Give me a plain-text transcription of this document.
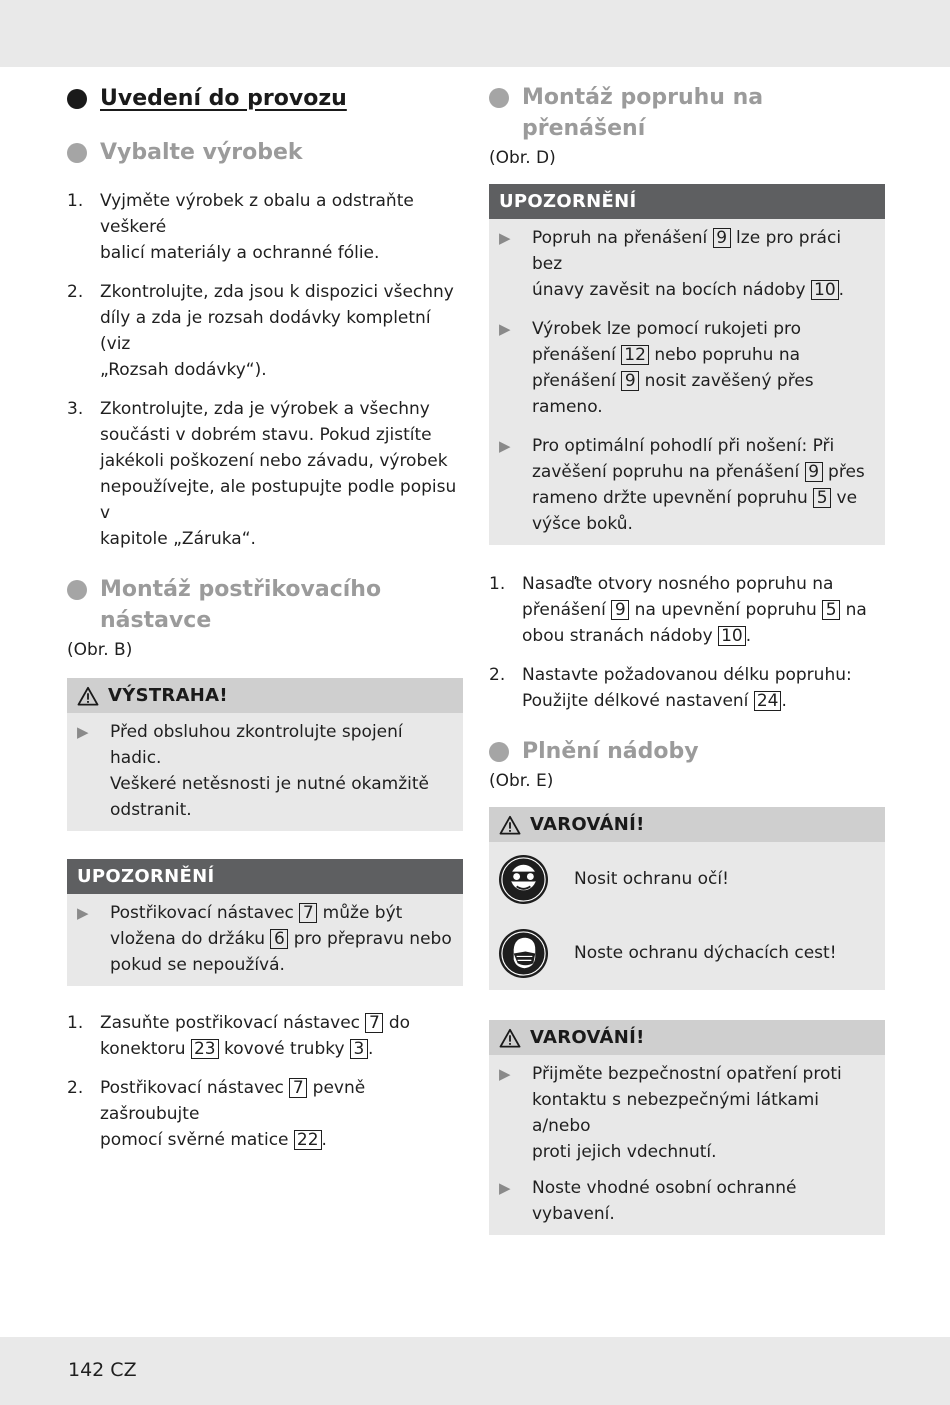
Uvedení do provozu
Vybalte výrobek
1. Vyjměte výrobek z obalu a odstraňte veškeré
balicí materiály a ochranné fólie.
2. Zkontrolujte, zda jsou k dispozici všechny
díly a zda je rozsah dodávky kompletní (viz
„Rozsah dodávky“).
3. Zkontrolujte, zda je výrobek a všechny
součásti v dobrém stavu. Pokud zjistíte
jakékoli poškození nebo závadu, výrobek
nepoužívejte, ale postupujte podle popisu v
kapitole „Záruka“.
Montáž postřikovacího
nástavce
(Obr. B)
VÝSTRAHA!
▶	Před obsluhou zkontrolujte spojení hadic.
Veškeré netěsnosti je nutné okamžitě
odstranit.
UPOZORNĚNÍ
▶	Postřikovací nástavec 7 může být
vložena do držáku 6 pro přepravu nebo
pokud se nepoužívá.
1. Zasuňte postřikovací nástavec 7 do
konektoru 23 kovové trubky 3 .
2. Postřikovací nástavec 7 pevně zašroubujte
pomocí svěrné matice 22 .
Montáž popruhu na
přenášení
(Obr. D)
UPOZORNĚNÍ
▶	Popruh na přenášení 9 lze pro práci bez
únavy zavěsit na bocích nádoby 10 .
▶	Výrobek lze pomocí rukojeti pro
přenášení 12 nebo popruhu na
přenášení 9 nosit zavěšený přes rameno.
▶	Pro optimální pohodlí při nošení: Při
zavěšení popruhu na přenášení 9 přes
rameno držte upevnění popruhu 5 ve
výšce boků.
1. Nasaďte otvory nosného popruhu na
přenášení 9 na upevnění popruhu 5 na
obou stranách nádoby 10 .
2. Nastavte požadovanou délku popruhu:
Použijte délkové nastavení 24 .
Plnění nádoby
(Obr. E)
VAROVÁNÍ!
Nosit ochranu očí!
Noste ochranu dýchacích cest!
VAROVÁNÍ!
▶	Přijměte bezpečnostní opatření proti
kontaktu s nebezpečnými látkami a/nebo
proti jejich vdechnutí.
▶	Noste vhodné osobní ochranné vybavení.
142 CZ
